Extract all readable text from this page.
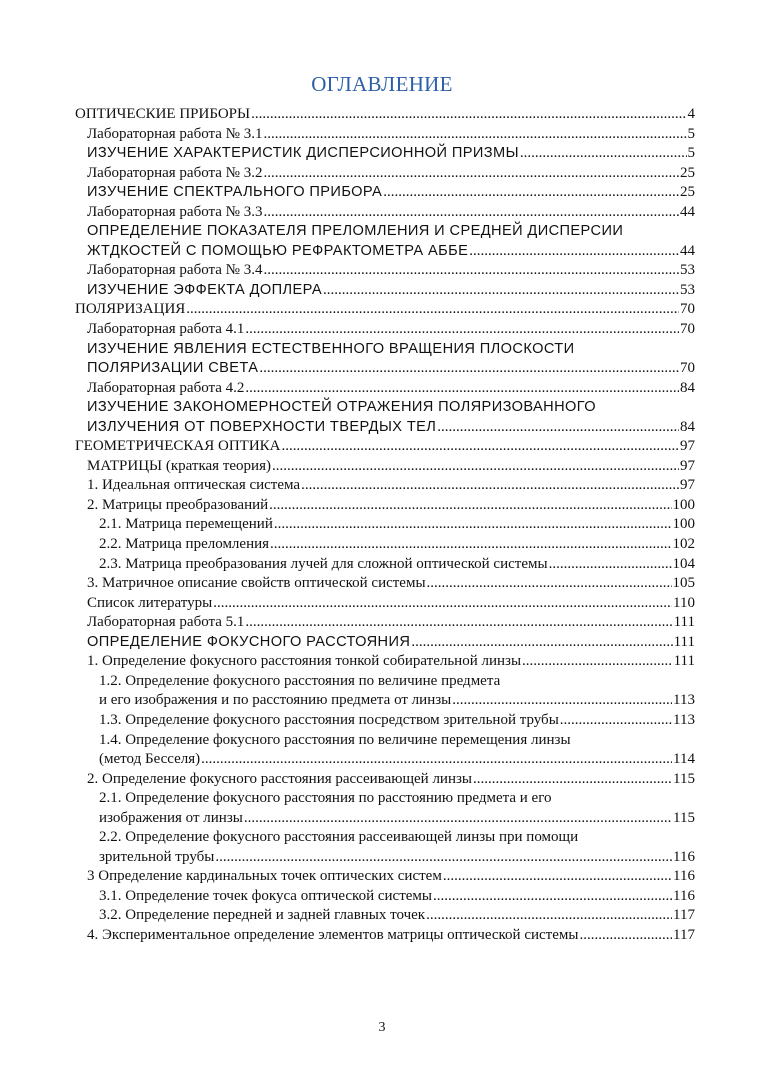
ОГЛАВЛЕНИЕ
ОПТИЧЕСКИЕ ПРИБОРЫ .....	4
Лабораторная работа № 3.1 .....	5
ИЗУЧЕНИЕ ХАРАКТЕРИСТИК ДИСПЕРСИОННОЙ ПРИЗМЫ .....	5
Лабораторная работа № 3.2 .....	25
ИЗУЧЕНИЕ СПЕКТРАЛЬНОГО ПРИБОРА .....	25
Лабораторная работа № 3.3 .....	44
ОПРЕДЕЛЕНИЕ ПОКАЗАТЕЛЯ ПРЕЛОМЛЕНИЯ И СРЕДНЕЙ ДИСПЕРСИИ
ЖТДКОСТЕЙ С ПОМОЩЬЮ РЕФРАКТОМЕТРА АББЕ .....	44
Лабораторная работа № 3.4 .....	53
ИЗУЧЕНИЕ ЭФФЕКТА ДОПЛЕРА .....	53
ПОЛЯРИЗАЦИЯ .....	70
Лабораторная работа 4.1 .....	70
ИЗУЧЕНИЕ ЯВЛЕНИЯ ЕСТЕСТВЕННОГО ВРАЩЕНИЯ ПЛОСКОСТИ
ПОЛЯРИЗАЦИИ СВЕТА .....	70
Лабораторная работа 4.2 .....	84
ИЗУЧЕНИЕ ЗАКОНОМЕРНОСТЕЙ ОТРАЖЕНИЯ ПОЛЯРИЗОВАННОГО
ИЗЛУЧЕНИЯ ОТ ПОВЕРХНОСТИ ТВЕРДЫХ ТЕЛ .....	84
ГЕОМЕТРИЧЕСКАЯ ОПТИКА .....	97
МАТРИЦЫ (краткая теория) .....	97
1. Идеальная оптическая система .....	97
2. Матрицы преобразований .....	100
2.1. Матрица перемещений .....	100
2.2. Матрица преломления .....	102
2.3. Матрица преобразования лучей для сложной оптической системы .....	104
3. Матричное описание свойств оптической системы .....	105
Список литературы .....	110
Лабораторная работа 5.1 .....	111
ОПРЕДЕЛЕНИЕ ФОКУСНОГО РАССТОЯНИЯ .....	111
1. Определение фокусного расстояния тонкой собирательной линзы .....	111
1.2. Определение фокусного расстояния по величине предмета
и его изображения и по расстоянию предмета от линзы .....	113
1.3. Определение фокусного расстояния посредством зрительной трубы .....	113
1.4. Определение фокусного расстояния по величине перемещения линзы
(метод Бесселя) .....	114
2. Определение фокусного расстояния рассеивающей линзы .....	115
2.1. Определение фокусного расстояния по расстоянию предмета и его
изображения от линзы .....	115
2.2. Определение фокусного расстояния рассеивающей линзы при помощи
зрительной трубы .....	116
3 Определение кардинальных точек оптических систем .....	116
3.1. Определение точек фокуса оптической системы .....	116
3.2. Определение передней и задней главных точек .....	117
4. Экспериментальное определение элементов матрицы оптической системы .....	117
3
